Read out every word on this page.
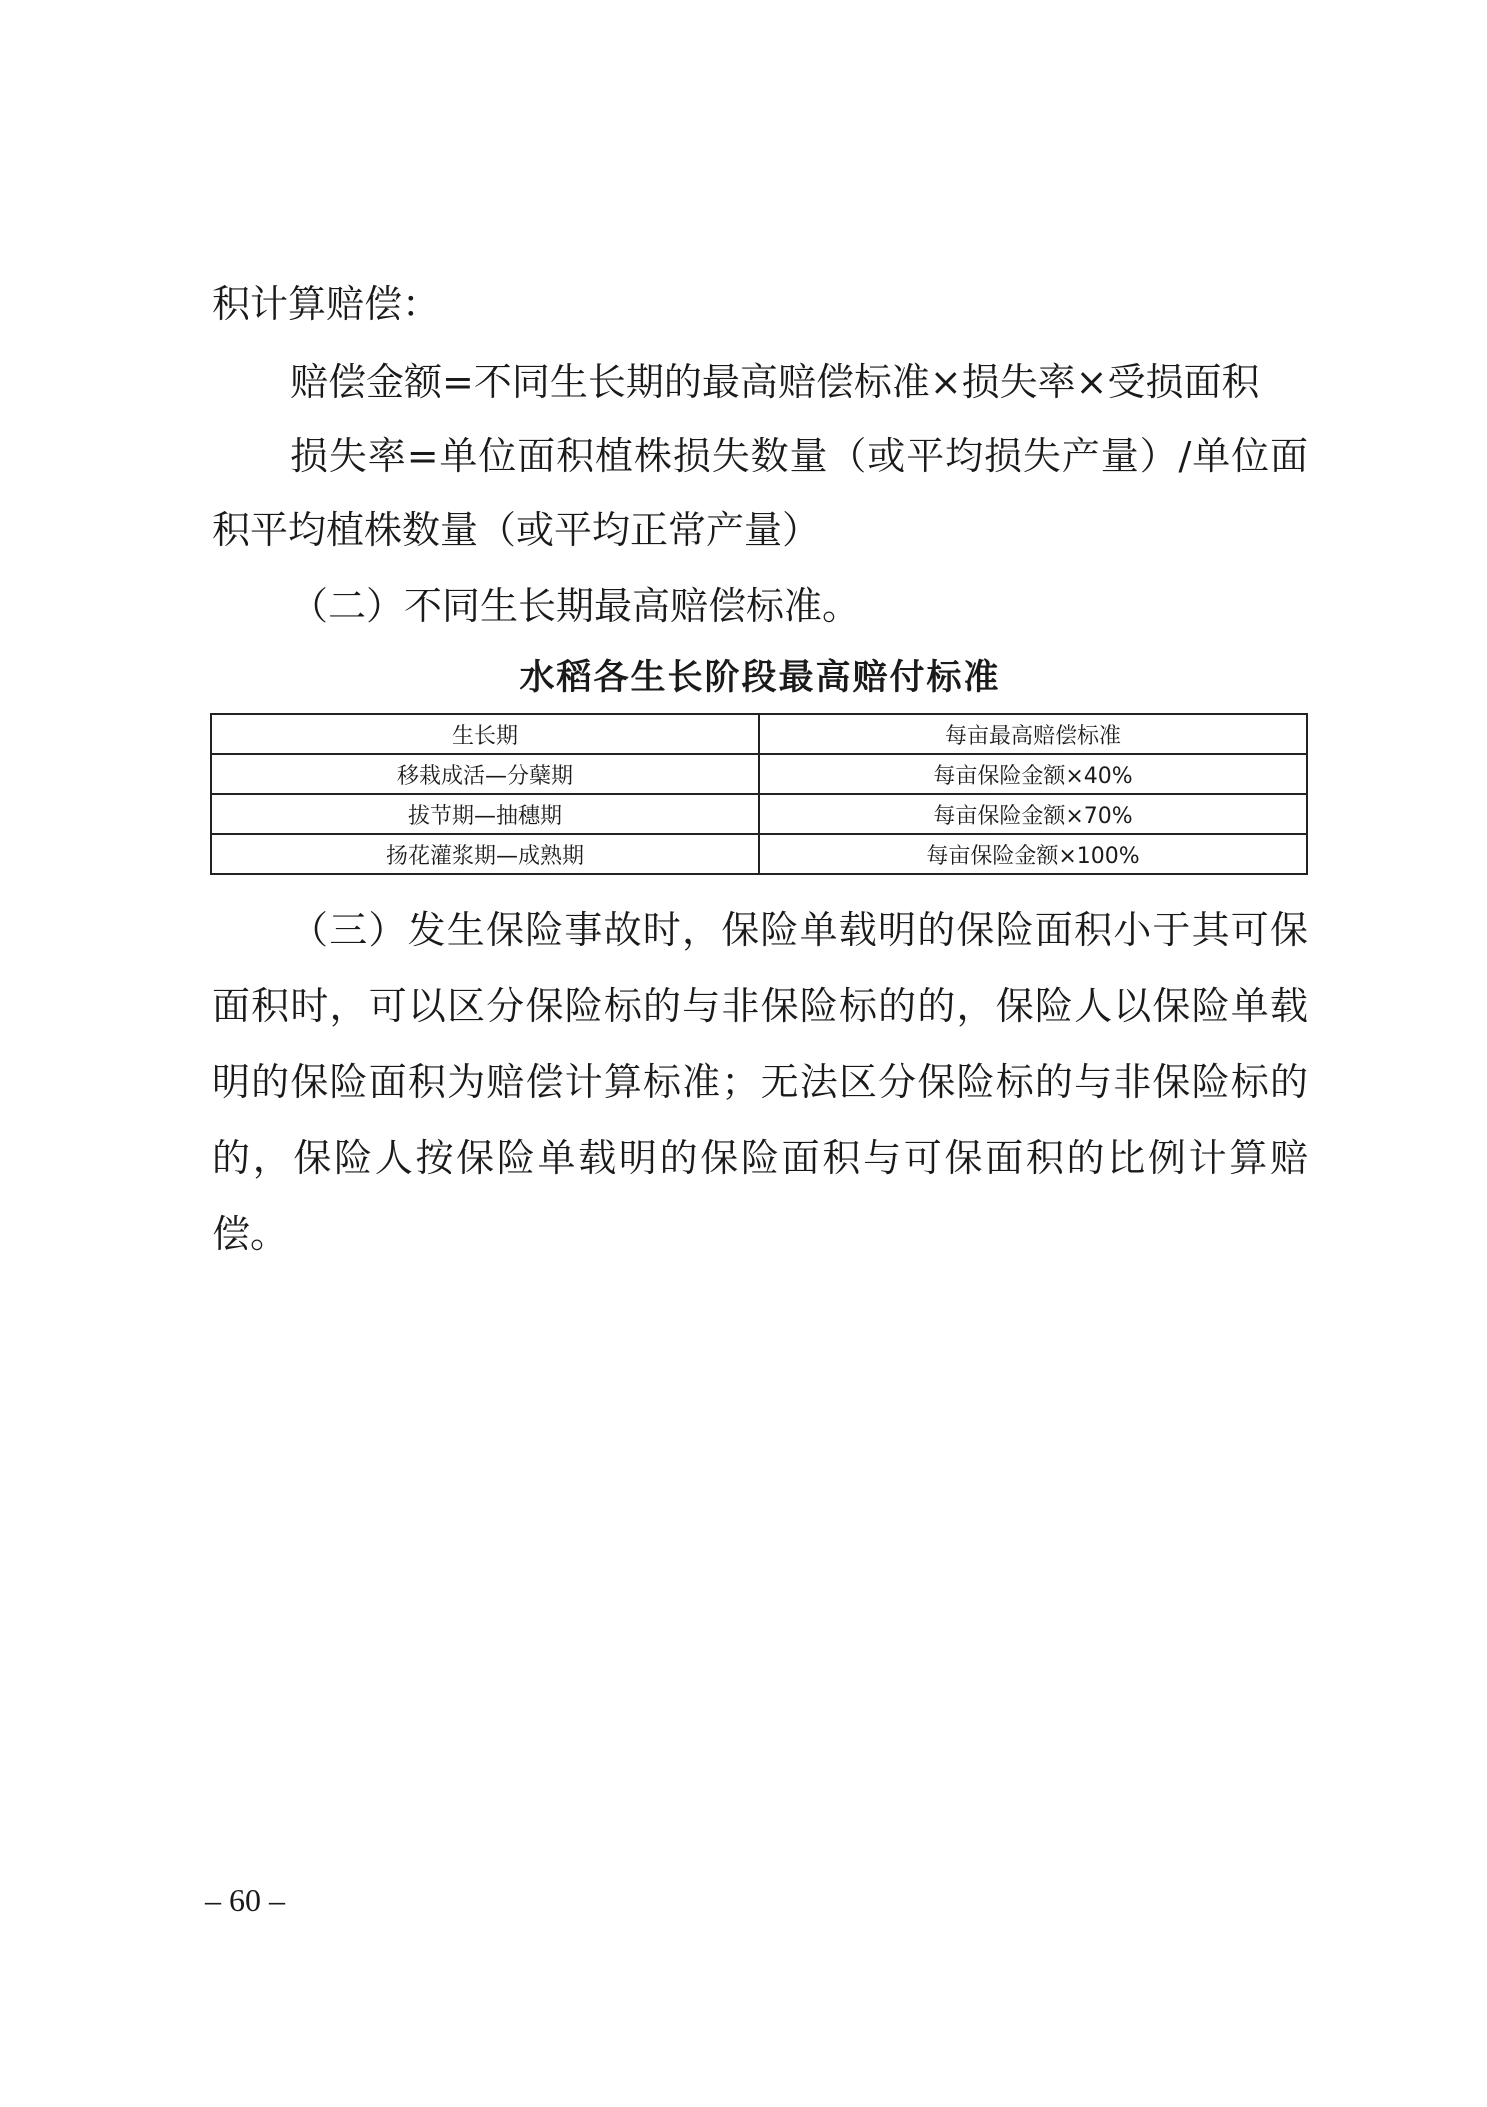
积计算赔偿：
赔偿金额=不同生长期的最高赔偿标准×损失率×受损面积
损失率=单位面积植株损失数量（或平均损失产量）/单位面
积平均植株数量（或平均正常产量）
（二）不同生长期最高赔偿标准。
水稻各生长阶段最高赔付标准
生长期	每亩最高赔偿标准
移栽成活—分蘖期	每亩保险金额×40%
拔节期—抽穗期	每亩保险金额×70%
扬花灌浆期—成熟期	每亩保险金额×100%
（三）发生保险事故时，保险单载明的保险面积小于其可保
面积时，可以区分保险标的与非保险标的的，保险人以保险单载
明的保险面积为赔偿计算标准；无法区分保险标的与非保险标的
的，保险人按保险单载明的保险面积与可保面积的比例计算赔
偿。
– 60 –
